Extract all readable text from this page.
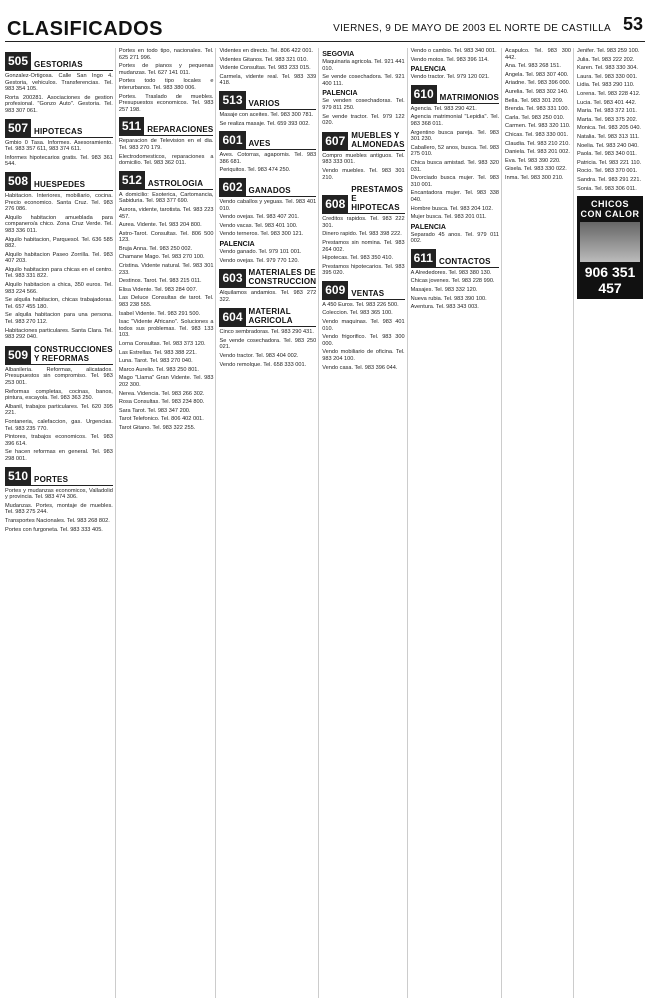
CLASIFICADOS	VIERNES, 9 DE MAYO DE 2003 EL NORTE DE CASTILLA 53
505 GESTORIAS
Gonzalez-Ortigosa. Calle San Ingo 4. Gestoria, vehiculos. Transferencias. Tel. 983 354 105.
Rorta 200281. Asociaciones de gestion profesional. "Gonzo Auto". Gestoria. Tel. 983 307 061.
507 HIPOTECAS
Gmbio 0 Tasa. Informes. Asesoramiento. Tel. 983 357 611, 983 374 611.
Informes hipotecarios gratis. Tel. 983 361 544.
508 HUESPEDES
Habitacion. Interiores, mobiliario, cocina. Precio economico. Santa Cruz. Tel. 983 276 086.
Alquilo habitacion amueblada para companero/a chico. Zona Cruz Verde. Tel. 983 336 011.
Alquilo habitacion, Parquesol. Tel. 636 585 882.
Alquilo habitacion Paseo Zorrilla. Tel. 983 407 203.
Alquilo habitacion para chicas en el centro. Tel. 983 331 822.
Alquilo habitacion a chica, 350 euros. Tel. 983 224 566.
Se alquila habitacion, chicas trabajadoras. Tel. 657 455 180.
Se alquila habitacion para una persona. Tel. 983 270 112.
Habitaciones particulares. Santa Clara. Tel. 983 292 040.
509 CONSTRUCCIONES Y REFORMAS
Albanileria. Reformas, alicatados. Presupuestos sin compromiso. Tel. 983 253 001.
Reformas completas, cocinas, banos, pintura, escayola. Tel. 983 363 250.
Albanil, trabajos particulares. Tel. 620 395 221.
Fontaneria, calefaccion, gas. Urgencias. Tel. 983 235 770.
Pintores, trabajos economicos. Tel. 983 396 614.
Se hacen reformas en general. Tel. 983 298 001.
510 PORTES
Portes y mudanzas economicos, Valladolid y provincia. Tel. 983 474 306.
Mudanzas. Portes, montaje de muebles. Tel. 983 275 244.
Transportes Nacionales. Tel. 983 268 802.
Portes con furgoneta. Tel. 983 333 405.
Portes en todo tipo, nacionales. Tel. 625 271 996.
Portes de pianos y pequenas mudanzas. Tel. 627 141 011.
Portes todo tipo locales e interurbanos. Tel. 983 380 006.
Portes. Traslado de muebles. Presupuestos economicos. Tel. 983 257 198.
511 REPARACIONES
Reparacion de Television en el dia. Tel. 983 270 179.
Electrodomesticos, reparaciones a domicilio. Tel. 983 362 011.
512 ASTROLOGIA
A domicilio: Esoterica, Cartomancia, Sabiduria. Tel. 983 377 690.
Aurora, vidente, tarotista. Tel. 983 223 457.
Aurea. Vidente. Tel. 983 204 800.
Astro-Tarot. Consultas. Tel. 806 500 123.
Bruja Anna. Tel. 983 250 002.
Chamane Mago. Tel. 983 270 100.
Cristina. Vidente natural. Tel. 983 301 233.
Destinos. Tarot. Tel. 983 215 011.
Elisa Vidente. Tel. 983 284 007.
Las Deluce Consultas de tarot. Tel. 983 238 555.
Isabel Vidente. Tel. 983 291 500.
Isac "Vidente Africano". Soluciones a todos sus problemas. Tel. 983 133 103.
Lorna Consultas. Tel. 983 373 120.
Las Estrellas. Tel. 983 388 221.
Luna. Tarot. Tel. 983 270 040.
Marco Aurelio. Tel. 983 250 801.
Mago "Llama" Gran Vidente. Tel. 983 202 300.
Nerea. Videncia. Tel. 983 266 302.
Rosa Consultas. Tel. 983 234 800.
Sara Tarot. Tel. 983 347 200.
Tarot Telefonico. Tel. 806 402 001.
Tarot Gitano. Tel. 983 322 255.
Videntes en directo. Tel. 806 422 001.
Videntes Gitanos. Tel. 983 321 010.
Vidente Consultas. Tel. 983 233 015.
Carmela, vidente real. Tel. 983 339 418.
513 VARIOS
Masaje con aceites. Tel. 983 300 781.
Se realiza masaje. Tel. 659 393 002.
601 AVES
Aves. Cotorras, agapornis. Tel. 983 386 681.
Periquitos. Tel. 983 474 250.
602 GANADOS
Vendo caballos y yeguas. Tel. 983 401 010.
Vendo ovejas. Tel. 983 407 201.
Vendo vacas. Tel. 983 401 100.
Vendo terneros. Tel. 983 300 121.
PALENCIA
Vendo ganado. Tel. 979 101 001.
Vendo ovejas. Tel. 979 770 120.
603 MATERIALES DE CONSTRUCCION
Alquilamos andamios. Tel. 983 272 322.
604 MATERIAL AGRICOLA
Cinco sembradoras. Tel. 983 290 431.
Se vende cosechadora. Tel. 983 250 021.
Vendo tractor. Tel. 983 404 002.
Vendo remolque. Tel. 658 333 001.
SEGOVIA
Maquinaria agricola. Tel. 921 441 010.
Se vende cosechadora. Tel. 921 400 111.
PALENCIA
Se venden cosechadoras. Tel. 979 811 250.
Se vende tractor. Tel. 979 122 020.
607 MUEBLES Y ALMONEDAS
Compro muebles antiguos. Tel. 983 333 001.
Vendo muebles. Tel. 983 301 210.
608
PRESTAMOS E HIPOTECAS
Creditos rapidos. Tel. 983 222 301.
Dinero rapido. Tel. 983 398 222.
Prestamos sin nomina. Tel. 983 264 002.
Hipotecas. Tel. 983 350 410.
Prestamos hipotecarios. Tel. 983 395 020.
609 VENTAS
A 450 Euros. Tel. 983 226 500.
Coleccion. Tel. 983 365 100.
Vendo maquinas. Tel. 983 401 010.
Vendo frigorifico. Tel. 983 300 000.
Vendo mobiliario de oficina. Tel. 983 204 100.
Vendo casa. Tel. 983 396 044.
Vendo o cambio. Tel. 983 340 001.
Vendo motos. Tel. 983 396 114.
PALENCIA
Vendo tractor. Tel. 979 120 021.
610 MATRIMONIOS
Agencia. Tel. 983 290 421.
Agencia matrimonial "Lepidia". Tel. 983 368 011.
Argentino busca pareja. Tel. 983 301 230.
Caballero, 52 anos, busca. Tel. 983 275 010.
Chica busca amistad. Tel. 983 320 031.
Divorciado busca mujer. Tel. 983 310 001.
Encantadora mujer. Tel. 983 338 040.
Hombre busca. Tel. 983 204 102.
Mujer busca. Tel. 983 201 011.
PALENCIA
Separado 45 anos. Tel. 979 011 002.
611 CONTACTOS
A Alrededores. Tel. 983 380 130.
Chicas jovenes. Tel. 983 228 990.
Masajes. Tel. 983 332 120.
Nueva rubia. Tel. 983 390 100.
Aventura. Tel. 983 343 003.
Acapulco. Tel. 983 300 442.
Ana. Tel. 983 268 151.
Angela. Tel. 983 307 400.
Ariadne. Tel. 983 396 000.
Aurelia. Tel. 983 302 140.
Bella. Tel. 983 301 209.
Brenda. Tel. 983 331 100.
Carla. Tel. 983 250 010.
Carmen. Tel. 983 320 110.
Chicas. Tel. 983 330 001.
Claudia. Tel. 983 210 210.
Daniela. Tel. 983 201 002.
Eva. Tel. 983 390 220.
Gisela. Tel. 983 330 022.
Inma. Tel. 983 300 210.
Jenifer. Tel. 983 259 100.
Julia. Tel. 983 222 202.
Karen. Tel. 983 330 304.
Laura. Tel. 983 330 001.
Lidia. Tel. 983 290 110.
Lorena. Tel. 983 228 412.
Lucia. Tel. 983 401 442.
Maria. Tel. 983 372 101.
Marta. Tel. 983 375 202.
Monica. Tel. 983 205 040.
Natalia. Tel. 983 313 111.
Noelia. Tel. 983 240 040.
Paola. Tel. 983 340 011.
Patricia. Tel. 983 221 110.
Rocio. Tel. 983 370 001.
Sandra. Tel. 983 291 221.
Sonia. Tel. 983 306 011.
CHICOS CON CALOR
906 351 457
